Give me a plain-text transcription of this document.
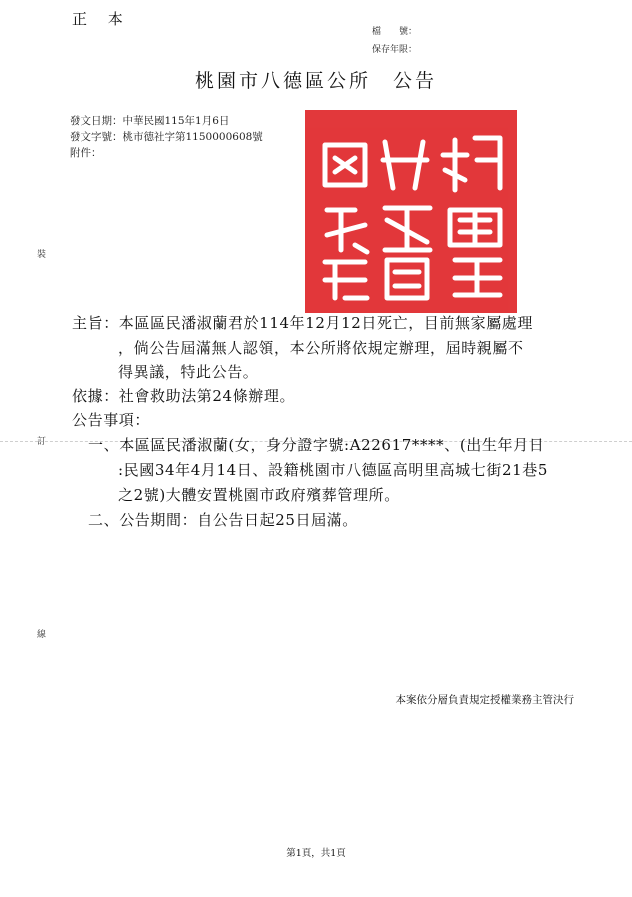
正 本
檔　　號：
保存年限：
桃園市八德區公所　公告
發文日期：中華民國115年1月6日
發文字號：桃市德社字第1150000608號
附件：
裝
訂
線
主旨：本區區民潘淑蘭君於114年12月12日死亡，目前無家屬處理
，倘公告屆滿無人認領，本公所將依規定辦理，屆時親屬不
得異議，特此公告。
依據：社會救助法第24條辦理。
公告事項：
一、本區區民潘淑蘭(女，身分證字號:A22617****、(出生年月日
:民國34年4月14日、設籍桃園市八德區高明里高城七街21巷5
之2號)大體安置桃園市政府殯葬管理所。
二、公告期間：自公告日起25日屆滿。
本案依分層負責規定授權業務主管決行
第1頁，共1頁
